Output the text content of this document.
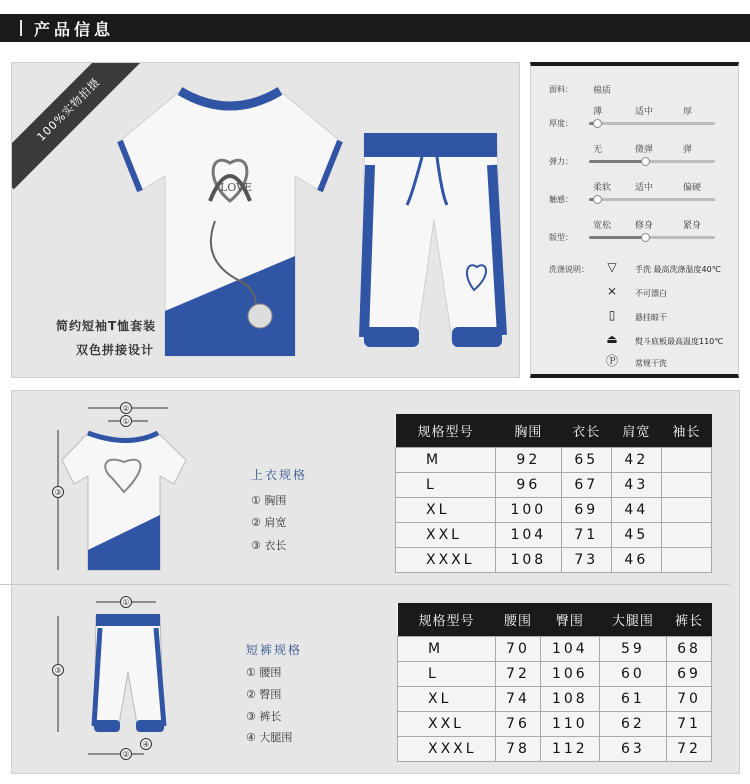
产品信息
100%实物拍摄
LOVE
简约短袖T恤套装
双色拼接设计
面料： 棉质
薄	适中	厚
厚度：
无	微弹	弹
弹力：
柔软	适中	偏硬
触感：
宽松	修身	紧身
版型：
洗涤说明：	▽	手洗 最高洗涤温度40℃
⨯	不可漂白
▯	悬挂晾干
⏏	熨斗底板最高温度110℃
Ⓟ	常规干洗
②
①
③
上衣规格
① 胸围
② 肩宽
③ 衣长
规格型号	胸围	衣长	肩宽	袖长
M	92	65	42	
L	96	67	43	
XL	100	69	44	
XXL	104	71	45	
XXXL	108	73	46	
①
③
④
②
短裤规格
① 腰围
② 臀围
③ 裤长
④ 大腿围
规格型号	腰围	臀围	大腿围	裤长
M	70	104	59	68
L	72	106	60	69
XL	74	108	61	70
XXL	76	110	62	71
XXXL	78	112	63	72
